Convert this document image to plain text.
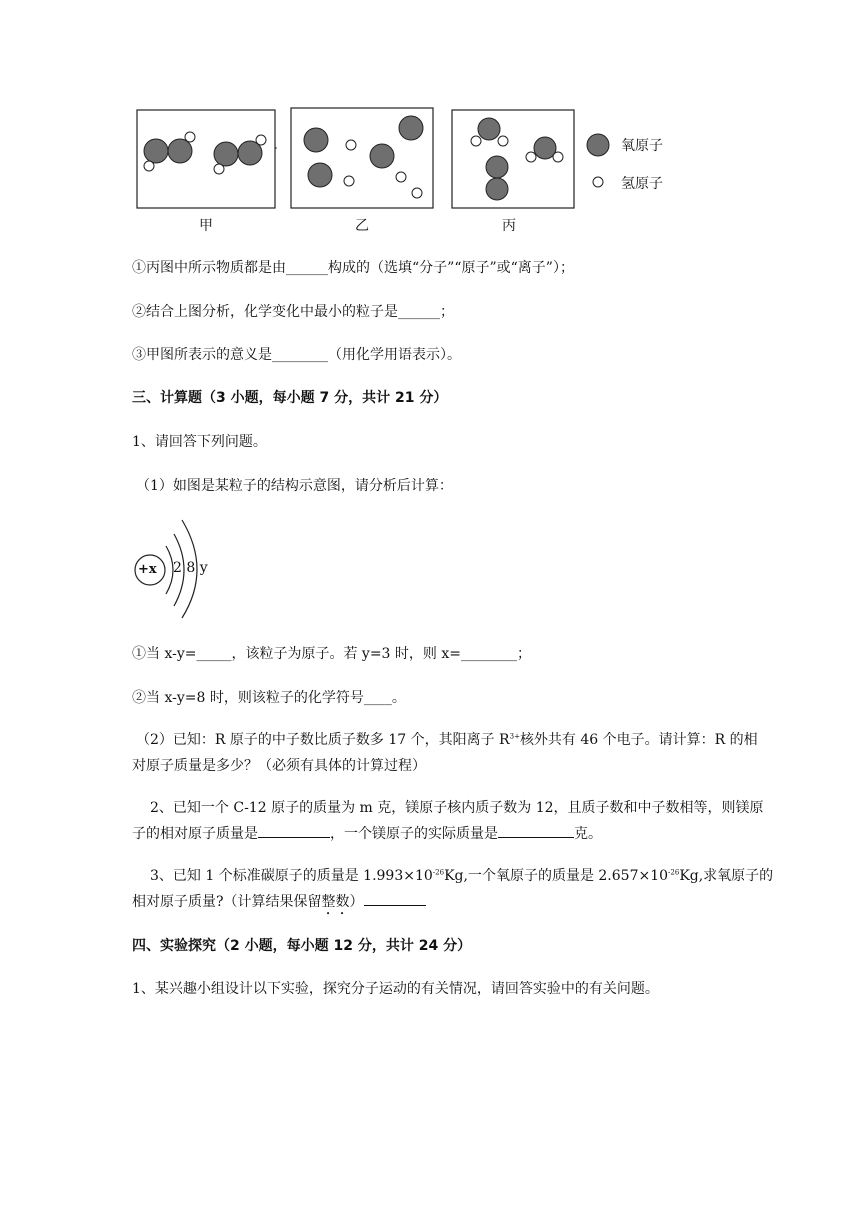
甲	乙	丙
氧原子
氢原子
①丙图中所示物质都是由______构成的（选填“分子”“原子”或“离子”）；
②结合上图分析，化学变化中最小的粒子是______；
③甲图所表示的意义是________（用化学用语表示）。
三、计算题（3 小题，每小题 7 分，共计 21 分）
1、请回答下列问题。
（1）如图是某粒子的结构示意图，请分析后计算：
+x 2 8 y
①当 x-y=_____，该粒子为原子。若 y=3 时，则 x=________；
②当 x-y=8 时，则该粒子的化学符号____。
（2）已知：R 原子的中子数比质子数多 17 个，其阳离子 $R^{3+}$核外共有 46 个电子。请计算：R 的相
对原子质量是多少？（必须有具体的计算过程）
2、已知一个 C-12 原子的质量为 m 克，镁原子核内质子数为 12，且质子数和中子数相等，则镁原
子的相对原子质量是	，一个镁原子的实际质量是	克。
3、已知 1 个标准碳原子的质量是 $1.993\times 10^{-26}Kg$,一个氧原子的质量是 $2.657\times 10^{-26}Kg$,求氧原子的
相对原子质量?（计算结果保留整数）
四、实验探究（2 小题，每小题 12 分，共计 24 分）
1、某兴趣小组设计以下实验，探究分子运动的有关情况，请回答实验中的有关问题。
